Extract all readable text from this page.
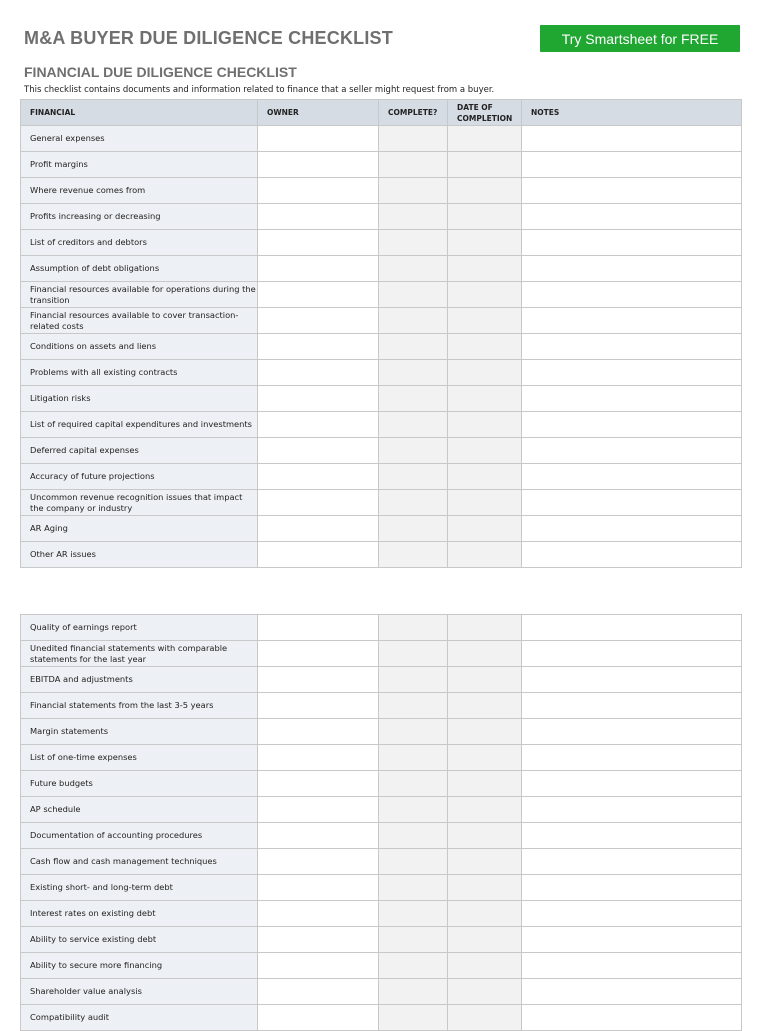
M&A BUYER DUE DILIGENCE CHECKLIST	Try Smartsheet for FREE
FINANCIAL DUE DILIGENCE CHECKLIST
This checklist contains documents and information related to finance that a seller might request from a buyer.
FINANCIAL	OWNER	COMPLETE?	DATE OF COMPLETION	NOTES
General expenses				
Profit margins				
Where revenue comes from				
Profits increasing or decreasing				
List of creditors and debtors				
Assumption of debt obligations				
Financial resources available for operations during the transition				
Financial resources available to cover transaction-related costs				
Conditions on assets and liens				
Problems with all existing contracts				
Litigation risks				
List of required capital expenditures and investments				
Deferred capital expenses				
Accuracy of future projections				
Uncommon revenue recognition issues that impact the company or industry				
AR Aging				
Other AR issues				
Quality of earnings report				
Unedited financial statements with comparable statements for the last year				
EBITDA and adjustments				
Financial statements from the last 3-5 years				
Margin statements				
List of one-time expenses				
Future budgets				
AP schedule				
Documentation of accounting procedures				
Cash flow and cash management techniques				
Existing short- and long-term debt				
Interest rates on existing debt				
Ability to service existing debt				
Ability to secure more financing				
Shareholder value analysis				
Compatibility audit				
